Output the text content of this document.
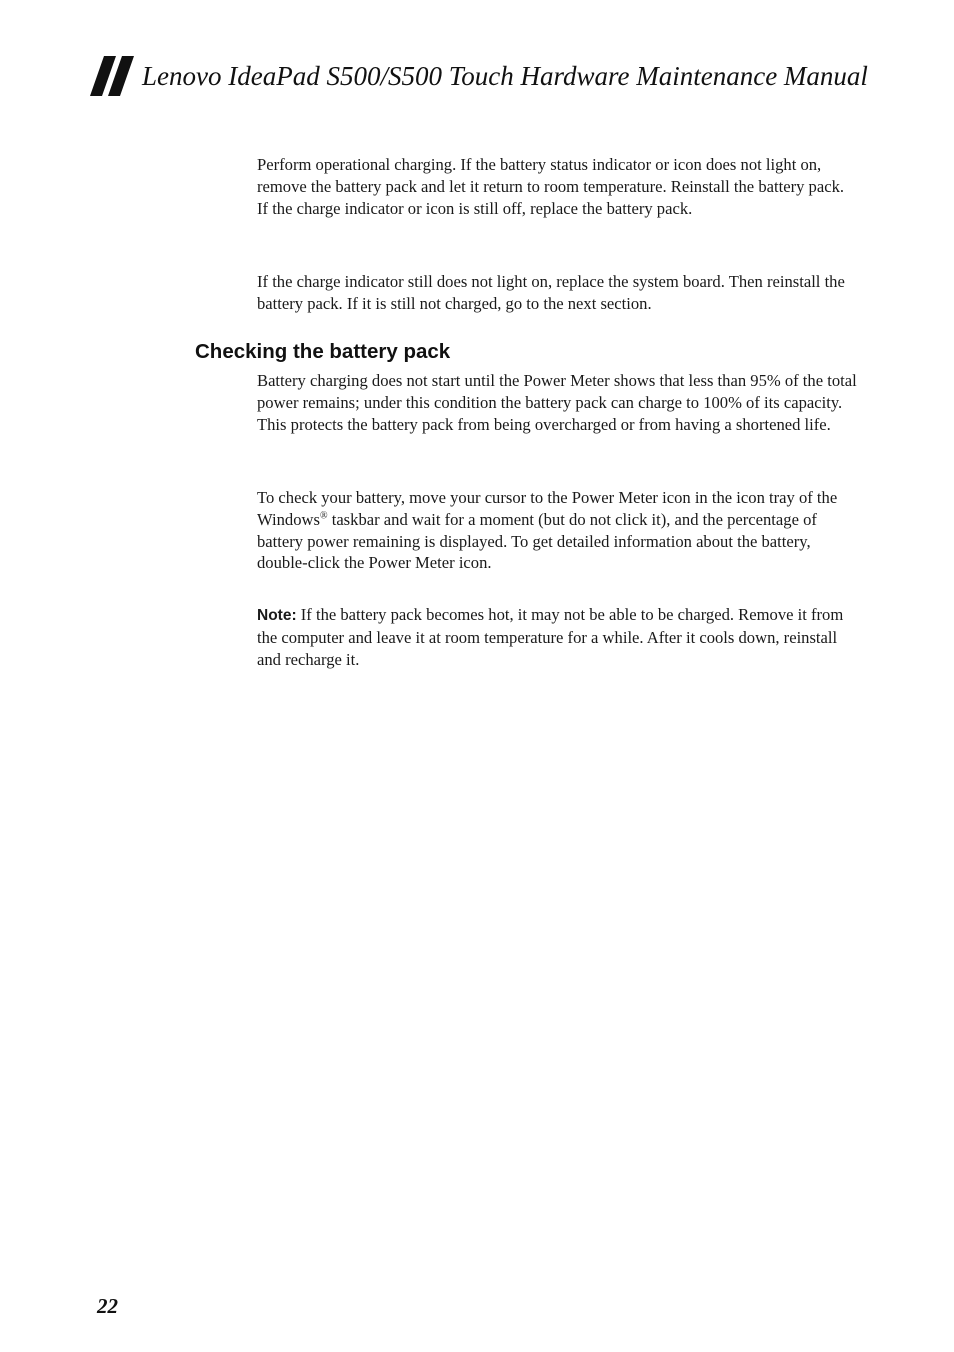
Lenovo IdeaPad S500/S500 Touch Hardware Maintenance Manual

Perform operational charging. If the battery status indicator or icon does not light on, remove the battery pack and let it return to room temperature. Reinstall the battery pack. If the charge indicator or icon is still off, replace the battery pack.

If the charge indicator still does not light on, replace the system board. Then reinstall the battery pack. If it is still not charged, go to the next section.

Checking the battery pack

Battery charging does not start until the Power Meter shows that less than 95% of the total power remains; under this condition the battery pack can charge to 100% of its capacity. This protects the battery pack from being overcharged or from having a shortened life.

To check your battery, move your cursor to the Power Meter icon in the icon tray of the Windows® taskbar and wait for a moment (but do not click it), and the percentage of battery power remaining is displayed. To get detailed information about the battery, double-click the Power Meter icon.

Note: If the battery pack becomes hot, it may not be able to be charged. Remove it from the computer and leave it at room temperature for a while. After it cools down, reinstall and recharge it.

22
